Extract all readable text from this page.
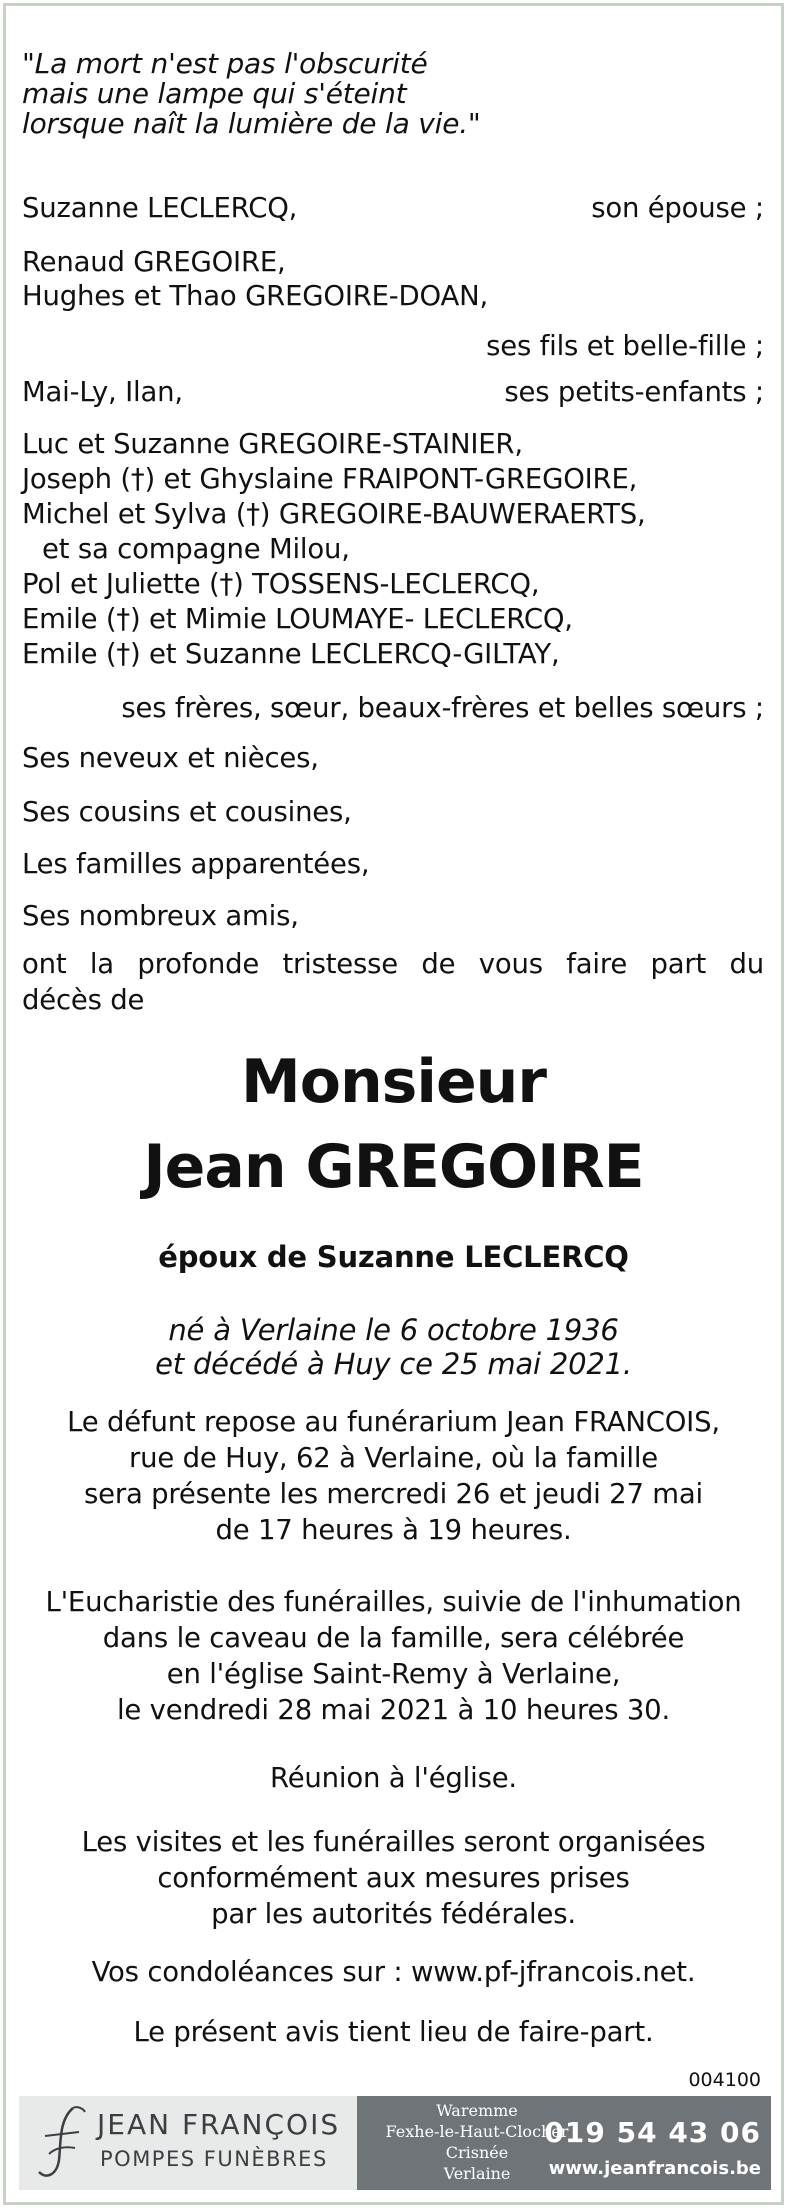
"La mort n'est pas l'obscurité
mais une lampe qui s'éteint
lorsque naît la lumière de la vie."
Suzanne LECLERCQ,	son épouse ;
Renaud GREGOIRE,
Hughes et Thao GREGOIRE-DOAN,
ses fils et belle-fille ;
Mai-Ly, Ilan,	ses petits-enfants ;
Luc et Suzanne GREGOIRE-STAINIER,
Joseph (†) et Ghyslaine FRAIPONT-GREGOIRE,
Michel et Sylva (†) GREGOIRE-BAUWERAERTS,
et sa compagne Milou,
Pol et Juliette (†) TOSSENS-LECLERCQ,
Emile (†) et Mimie LOUMAYE- LECLERCQ,
Emile (†) et Suzanne LECLERCQ-GILTAY,
ses frères, sœur, beaux-frères et belles sœurs ;
Ses neveux et nièces,
Ses cousins et cousines,
Les familles apparentées,
Ses nombreux amis,
ont la profonde tristesse de vous faire part du
décès de
Monsieur
Jean GREGOIRE
époux de Suzanne LECLERCQ
né à Verlaine le 6 octobre 1936
et décédé à Huy ce 25 mai 2021.
Le défunt repose au funérarium Jean FRANCOIS,
rue de Huy, 62 à Verlaine, où la famille
sera présente les mercredi 26 et jeudi 27 mai
de 17 heures à 19 heures.
L'Eucharistie des funérailles, suivie de l'inhumation
dans le caveau de la famille, sera célébrée
en l'église Saint-Remy à Verlaine,
le vendredi 28 mai 2021 à 10 heures 30.
Réunion à l'église.
Les visites et les funérailles seront organisées
conformément aux mesures prises
par les autorités fédérales.
Vos condoléances sur : www.pf-jfrancois.net.
Le présent avis tient lieu de faire-part.
004100
JEAN FRANÇOIS
POMPES FUNÈBRES
Waremme
Fexhe-le-Haut-Clocher
Crisnée
Verlaine
019 54 43 06
www.jeanfrancois.be
